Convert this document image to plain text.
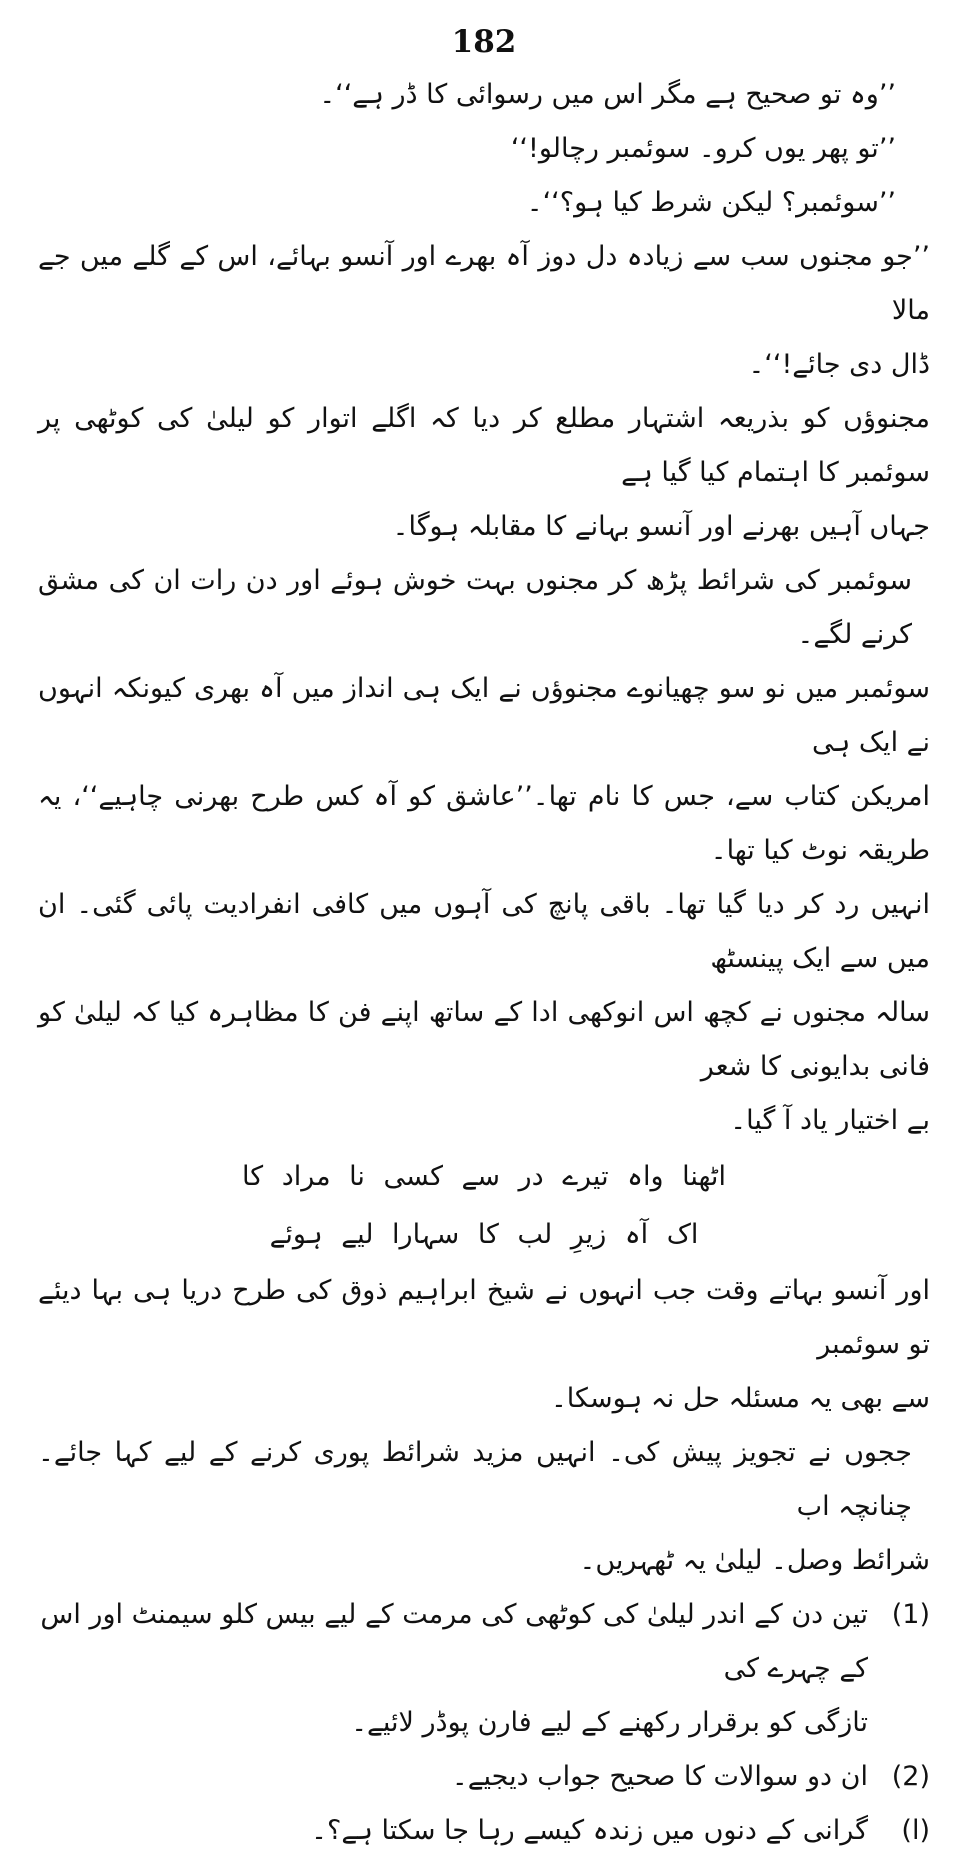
182

’’وہ تو صحیح ہے مگر اس میں رسوائی کا ڈر ہے‘‘۔

’’تو پھر یوں کرو۔ سوئمبر رچالو!‘‘

’’سوئمبر؟ لیکن شرط کیا ہو؟‘‘۔

’’جو مجنوں سب سے زیادہ دل دوز آہ بھرے اور آنسو بہائے، اس کے گلے میں جے مالا

ڈال دی جائے!‘‘۔

مجنوؤں کو بذریعہ اشتہار مطلع کر دیا کہ اگلے اتوار کو لیلیٰ کی کوٹھی پر سوئمبر کا اہتمام کیا گیا ہے

جہاں آہیں بھرنے اور آنسو بہانے کا مقابلہ ہوگا۔

سوئمبر کی شرائط پڑھ کر مجنوں بہت خوش ہوئے اور دن رات ان کی مشق کرنے لگے۔

سوئمبر میں نو سو چھیانوے مجنوؤں نے ایک ہی انداز میں آہ بھری کیونکہ انہوں نے ایک ہی

امریکن کتاب سے، جس کا نام تھا۔’’عاشق کو آہ کس طرح بھرنی چاہیے‘‘، یہ طریقہ نوٹ کیا تھا۔

انہیں رد کر دیا گیا تھا۔ باقی پانچ کی آہوں میں کافی انفرادیت پائی گئی۔ ان میں سے ایک پینسٹھ

سالہ مجنوں نے کچھ اس انوکھی ادا کے ساتھ اپنے فن کا مظاہرہ کیا کہ لیلیٰ کو فانی بدایونی کا شعر

بے اختیار یاد آ گیا۔

اٹھنا واہ تیرے در سے کسی نا مراد کا

اک آہ زیرِ لب کا سہارا لیے ہوئے

اور آنسو بہاتے وقت جب انہوں نے شیخ ابراہیم ذوق کی طرح دریا ہی بہا دیئے تو سوئمبر

سے بھی یہ مسئلہ حل نہ ہوسکا۔

ججوں نے تجویز پیش کی۔ انہیں مزید شرائط پوری کرنے کے لیے کہا جائے۔ چنانچہ اب

شرائط وصل۔ لیلیٰ یہ ٹھہریں۔

(1)
تین دن کے اندر لیلیٰ کی کوٹھی کی مرمت کے لیے بیس کلو سیمنٹ اور اس کے چہرے کی

تازگی کو برقرار رکھنے کے لیے فارن پوڈر لائیے۔

(2)
ان دو سوالات کا صحیح جواب دیجیے۔
(ا)
گرانی کے دنوں میں زندہ کیسے رہا جا سکتا ہے؟۔
